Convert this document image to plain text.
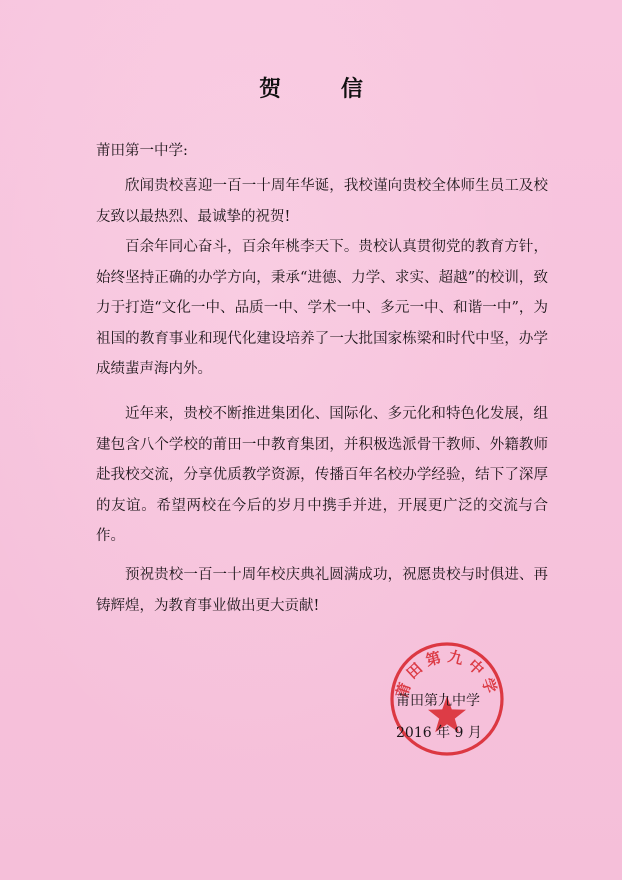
贺 信
莆田第一中学:
欣闻贵校喜迎一百一十周年华诞，我校谨向贵校全体师生员工及校友致以最热烈、最诚挚的祝贺!
百余年同心奋斗，百余年桃李天下。贵校认真贯彻党的教育方针，始终坚持正确的办学方向，秉承“进德、力学、求实、超越”的校训，致力于打造“文化一中、品质一中、学术一中、多元一中、和谐一中”，为祖国的教育事业和现代化建设培养了一大批国家栋梁和时代中坚，办学成绩蜚声海内外。
近年来，贵校不断推进集团化、国际化、多元化和特色化发展，组建包含八个学校的莆田一中教育集团，并积极选派骨干教师、外籍教师赴我校交流，分享优质教学资源，传播百年名校办学经验，结下了深厚的友谊。希望两校在今后的岁月中携手并进，开展更广泛的交流与合作。
预祝贵校一百一十周年校庆典礼圆满成功，祝愿贵校与时俱进、再铸辉煌，为教育事业做出更大贡献!
莆田第九中学
莆田第九中学
2016 年 9 月
